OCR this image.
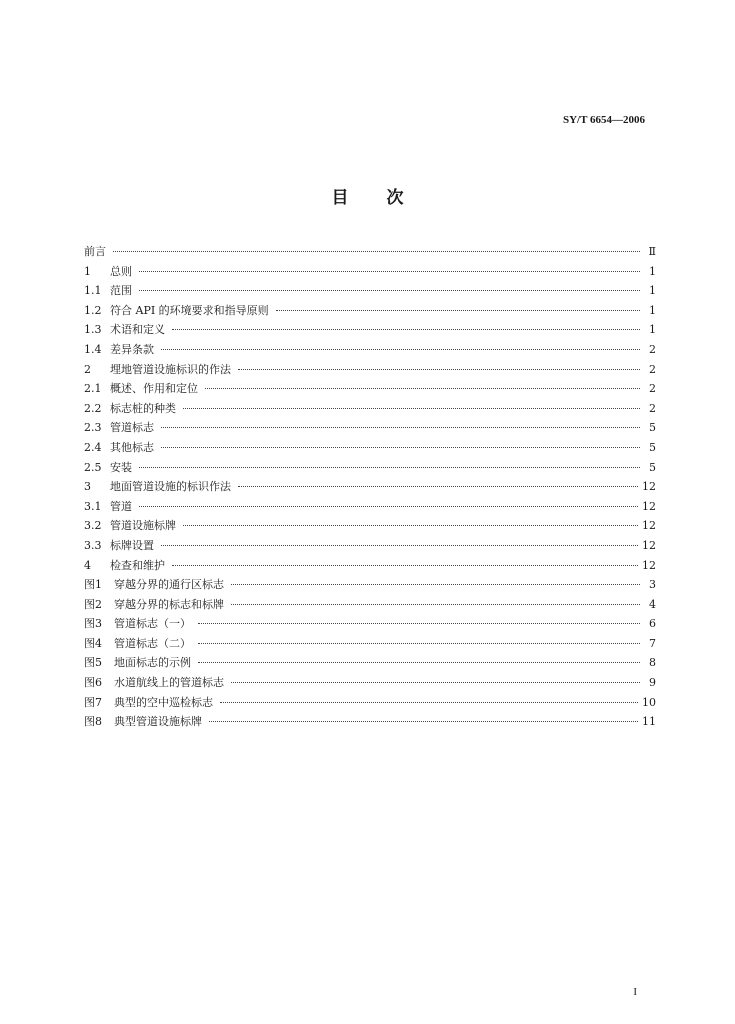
SY/T 6654—2006
目次
前言	Ⅱ
1	总则	1
1.1 范围	1
1.2 符合 API 的环境要求和指导原则	1
1.3 术语和定义	1
1.4 差异条款	2
2	埋地管道设施标识的作法	2
2.1 概述、作用和定位	2
2.2 标志桩的种类	2
2.3 管道标志	5
2.4 其他标志	5
2.5 安装	5
3	地面管道设施的标识作法	12
3.1 管道	12
3.2 管道设施标牌	12
3.3 标牌设置	12
4	检查和维护	12
图1	穿越分界的通行区标志	3
图2	穿越分界的标志和标牌	4
图3	管道标志（一）	6
图4	管道标志（二）	7
图5	地面标志的示例	8
图6	水道航线上的管道标志	9
图7	典型的空中巡检标志	10
图8	典型管道设施标牌	11
I
